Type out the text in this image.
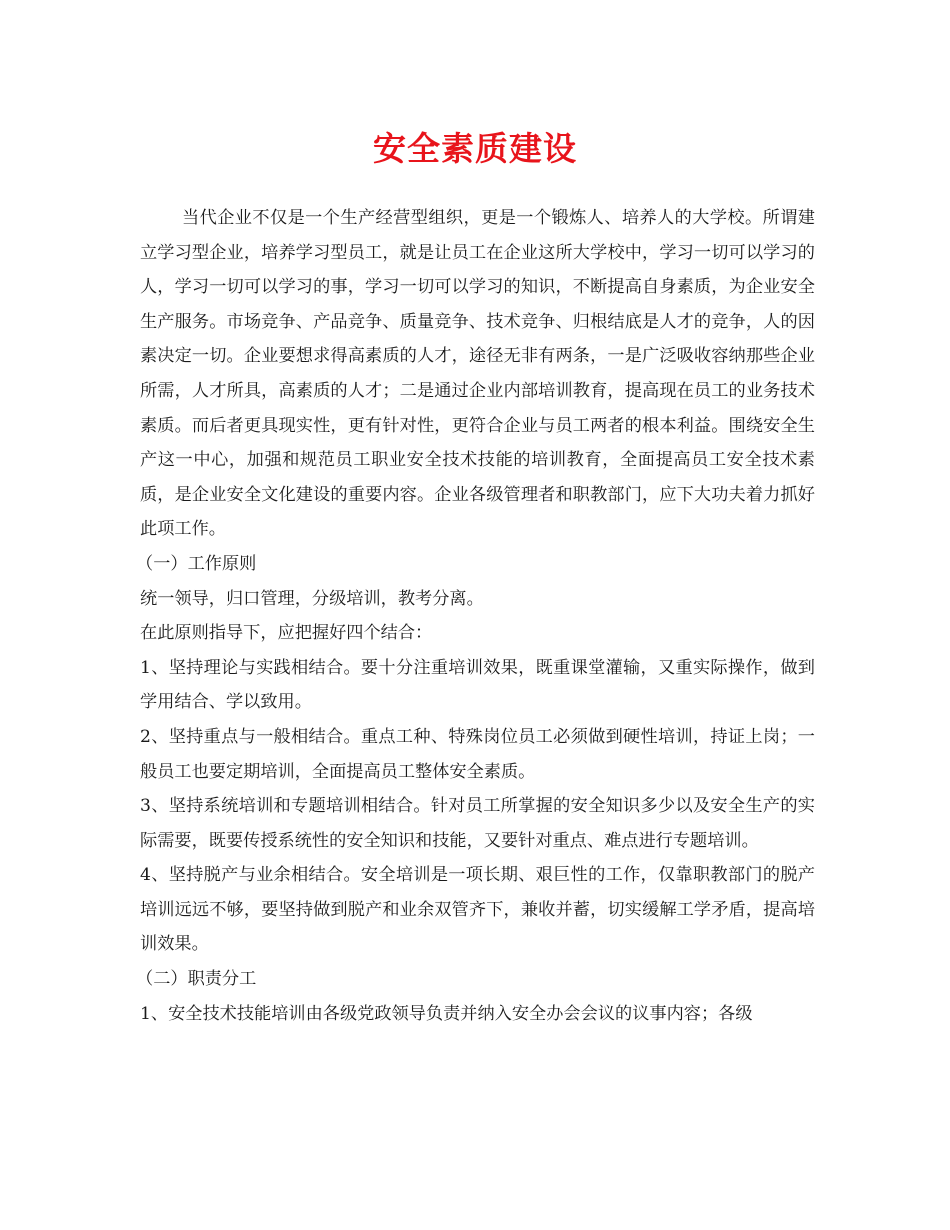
安全素质建设

当代企业不仅是一个生产经营型组织，更是一个锻炼人、培养人的大学校。所谓建立学习型企业，培养学习型员工，就是让员工在企业这所大学校中，学习一切可以学习的人，学习一切可以学习的事，学习一切可以学习的知识，不断提高自身素质，为企业安全生产服务。市场竞争、产品竞争、质量竞争、技术竞争、归根结底是人才的竞争，人的因素决定一切。企业要想求得高素质的人才，途径无非有两条，一是广泛吸收容纳那些企业所需，人才所具，高素质的人才；二是通过企业内部培训教育，提高现在员工的业务技术素质。而后者更具现实性，更有针对性，更符合企业与员工两者的根本利益。围绕安全生产这一中心，加强和规范员工职业安全技术技能的培训教育，全面提高员工安全技术素质，是企业安全文化建设的重要内容。企业各级管理者和职教部门，应下大功夫着力抓好此项工作。

（一）工作原则

统一领导，归口管理，分级培训，教考分离。

在此原则指导下，应把握好四个结合：

1、坚持理论与实践相结合。要十分注重培训效果，既重课堂灌输，又重实际操作，做到学用结合、学以致用。

2、坚持重点与一般相结合。重点工种、特殊岗位员工必须做到硬性培训，持证上岗；一般员工也要定期培训，全面提高员工整体安全素质。

3、坚持系统培训和专题培训相结合。针对员工所掌握的安全知识多少以及安全生产的实际需要，既要传授系统性的安全知识和技能，又要针对重点、难点进行专题培训。

4、坚持脱产与业余相结合。安全培训是一项长期、艰巨性的工作，仅靠职教部门的脱产培训远远不够，要坚持做到脱产和业余双管齐下，兼收并蓄，切实缓解工学矛盾，提高培训效果。

（二）职责分工

1、安全技术技能培训由各级党政领导负责并纳入安全办会会议的议事内容；各级
